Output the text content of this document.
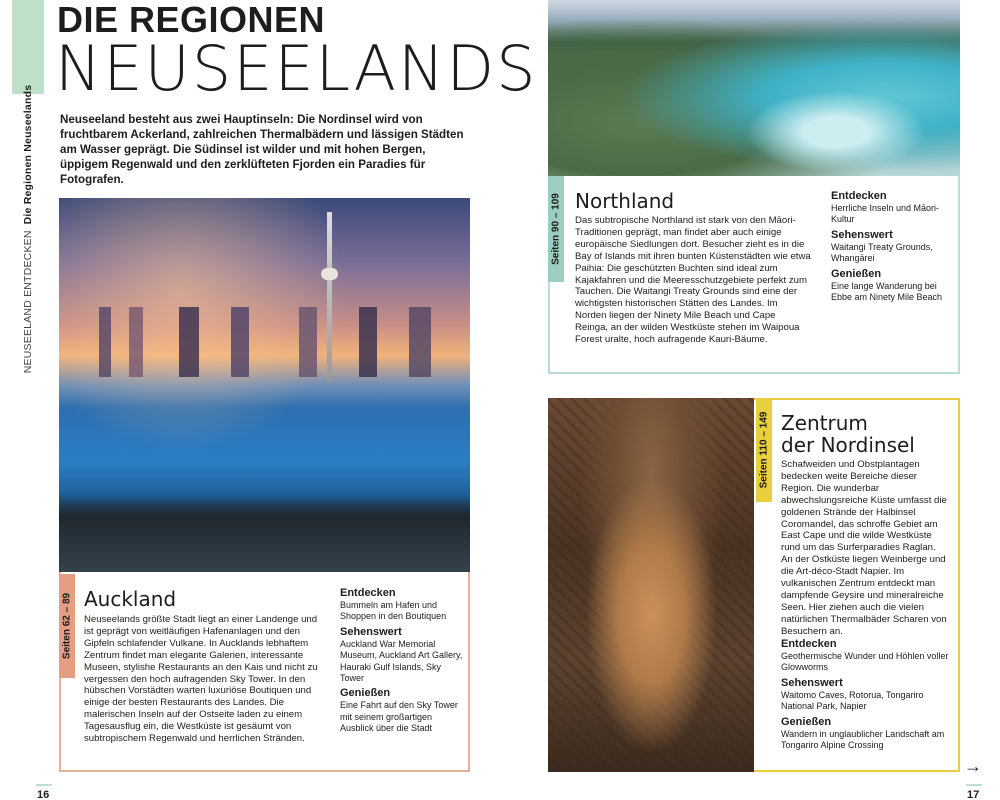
NEUSEELAND ENTDECKENDie Regionen Neuseelands
DIE REGIONEN
NEUSEELANDS

Neuseeland besteht aus zwei Hauptinseln: Die Nordinsel wird von fruchtbarem Ackerland, zahlreichen Thermalbädern und lässigen Städten am Wasser geprägt. Die Südinsel ist wilder und mit hohen Bergen, üppigem Regenwald und den zerklüfteten Fjorden ein Paradies für Fotografen.

Seiten 62 – 89 Auckland

Neuseelands größte Stadt liegt an einer Landenge und ist geprägt von weitläufigen Hafenanlagen und den Gipfeln schlafender Vulkane. In Aucklands lebhaftem Zentrum findet man elegante Galerien, interessante Museen, stylishe Restaurants an den Kais und nicht zu vergessen den hoch aufragenden Sky Tower. In den hübschen Vorstädten warten luxuriöse Boutiquen und einige der besten Restaurants des Landes. Die malerischen Inseln auf der Ostseite laden zu einem Tagesausflug ein, die Westküste ist gesäumt von subtropischem Regenwald und herrlichen Stränden.

Entdecken

Bummeln am Hafen und Shoppen in den Boutiquen

Sehenswert

Auckland War Memorial Museum, Auckland Art Gallery, Hauraki Gulf Islands, Sky Tower

Genießen

Eine Fahrt auf den Sky Tower mit seinem großartigen Ausblick über die Stadt

Seiten 90 – 109 Northland

Das subtropische Northland ist stark von den Māori-Traditionen geprägt, man findet aber auch einige europäische Siedlungen dort. Besucher zieht es in die Bay of Islands mit ihren bunten Küstenstädten wie etwa Paihia: Die geschützten Buchten sind ideal zum Kajakfahren und die Meeresschutzgebiete perfekt zum Tauchen. Die Waitangi Treaty Grounds sind eine der wichtigsten historischen Stätten des Landes. Im Norden liegen der Ninety Mile Beach und Cape Reinga, an der wilden Westküste stehen im Waipoua Forest uralte, hoch aufragende Kauri-Bäume.

Entdecken

Herrliche Inseln und Māori-Kultur

Sehenswert

Waitangi Treaty Grounds, Whangārei

Genießen

Eine lange Wanderung bei Ebbe am Ninety Mile Beach

Seiten 110 – 149 Zentrum
der Nordinsel

Schafweiden und Obstplantagen bedecken weite Bereiche dieser Region. Die wunderbar abwechslungsreiche Küste umfasst die goldenen Strände der Halbinsel Coromandel, das schroffe Gebiet am East Cape und die wilde Westküste rund um das Surferparadies Raglan. An der Ostküste liegen Weinberge und die Art-déco-Stadt Napier. Im vulkanischen Zentrum entdeckt man dampfende Geysire und mineralreiche Seen. Hier ziehen auch die vielen natürlichen Thermalbäder Scharen von Besuchern an.

Entdecken

Geothermische Wunder und Höhlen voller Glowworms

Sehenswert

Waitomo Caves, Rotorua, Tongariro National Park, Napier

Genießen

Wandern in unglaublicher Landschaft am Tongariro Alpine Crossing

16	17
→
